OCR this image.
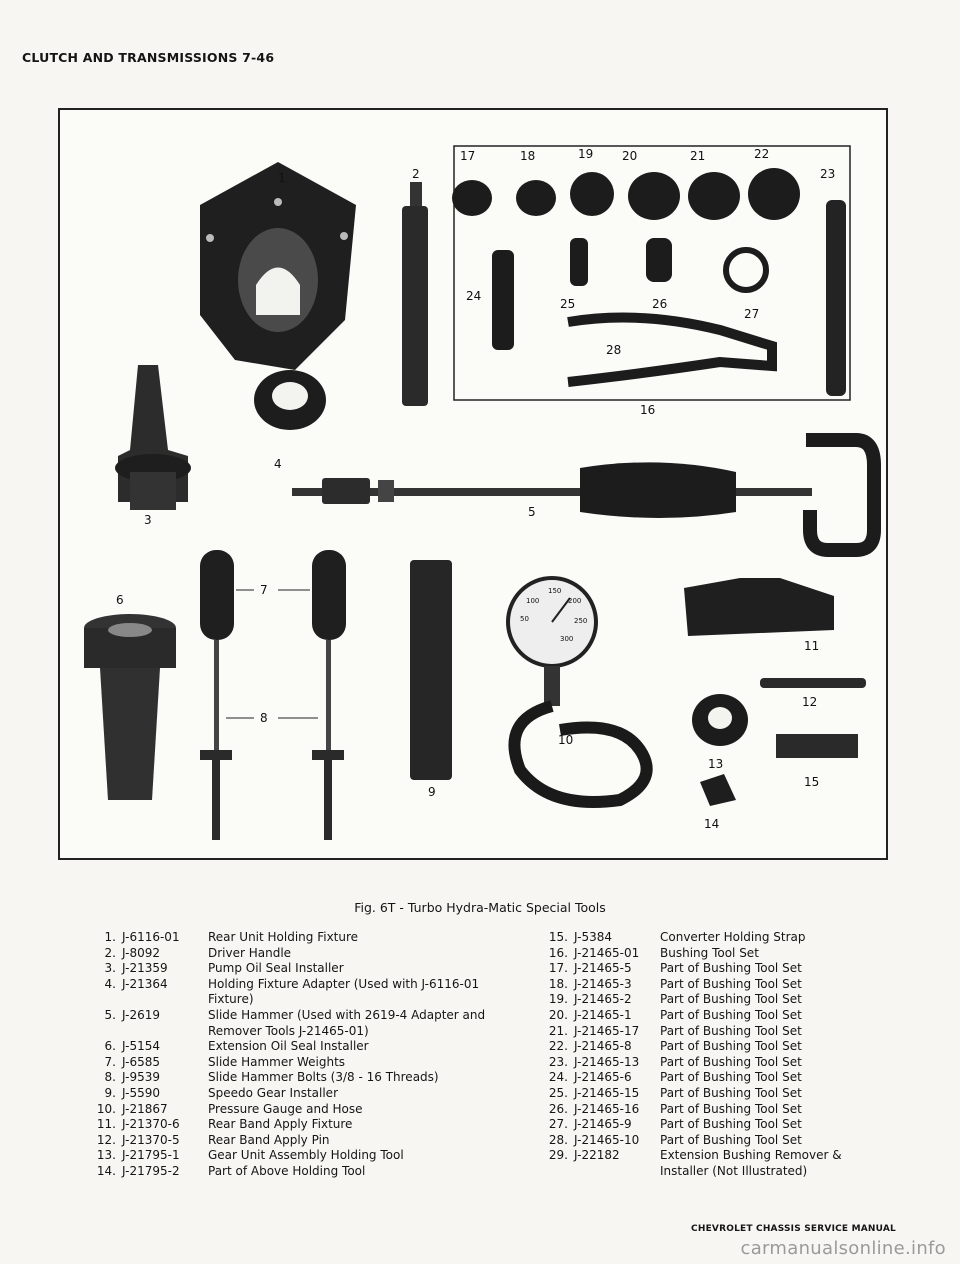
CLUTCH AND TRANSMISSIONS 7-46
1	2
3
4
5
6
7
8
9
10
11
12
13
14
15
16
17	18	19 20	21	22
23
24
25	26
27
28
100
150
200
50	250
300
Fig. 6T - Turbo Hydra-Matic Special Tools
1. J-6116-01	Rear Unit Holding Fixture
2. J-8092	Driver Handle
3. J-21359	Pump Oil Seal Installer
4. J-21364	Holding Fixture Adapter (Used with J-6116-01 Fixture)
5. J-2619	Slide Hammer (Used with 2619-4 Adapter and Remover Tools J-21465-01)
6. J-5154	Extension Oil Seal Installer
7. J-6585	Slide Hammer Weights
8. J-9539	Slide Hammer Bolts (3/8 - 16 Threads)
9. J-5590	Speedo Gear Installer
10. J-21867	Pressure Gauge and Hose
11. J-21370-6	Rear Band Apply Fixture
12. J-21370-5	Rear Band Apply Pin
13. J-21795-1	Gear Unit Assembly Holding Tool
14. J-21795-2	Part of Above Holding Tool
15. J-5384	Converter Holding Strap
16. J-21465-01	Bushing Tool Set
17. J-21465-5	Part of Bushing Tool Set
18. J-21465-3	Part of Bushing Tool Set
19. J-21465-2	Part of Bushing Tool Set
20. J-21465-1	Part of Bushing Tool Set
21. J-21465-17	Part of Bushing Tool Set
22. J-21465-8	Part of Bushing Tool Set
23. J-21465-13	Part of Bushing Tool Set
24. J-21465-6	Part of Bushing Tool Set
25. J-21465-15	Part of Bushing Tool Set
26. J-21465-16	Part of Bushing Tool Set
27. J-21465-9	Part of Bushing Tool Set
28. J-21465-10	Part of Bushing Tool Set
29. J-22182	Extension Bushing Remover & Installer (Not Illustrated)
CHEVROLET CHASSIS SERVICE MANUAL
carmanualsonline.info
